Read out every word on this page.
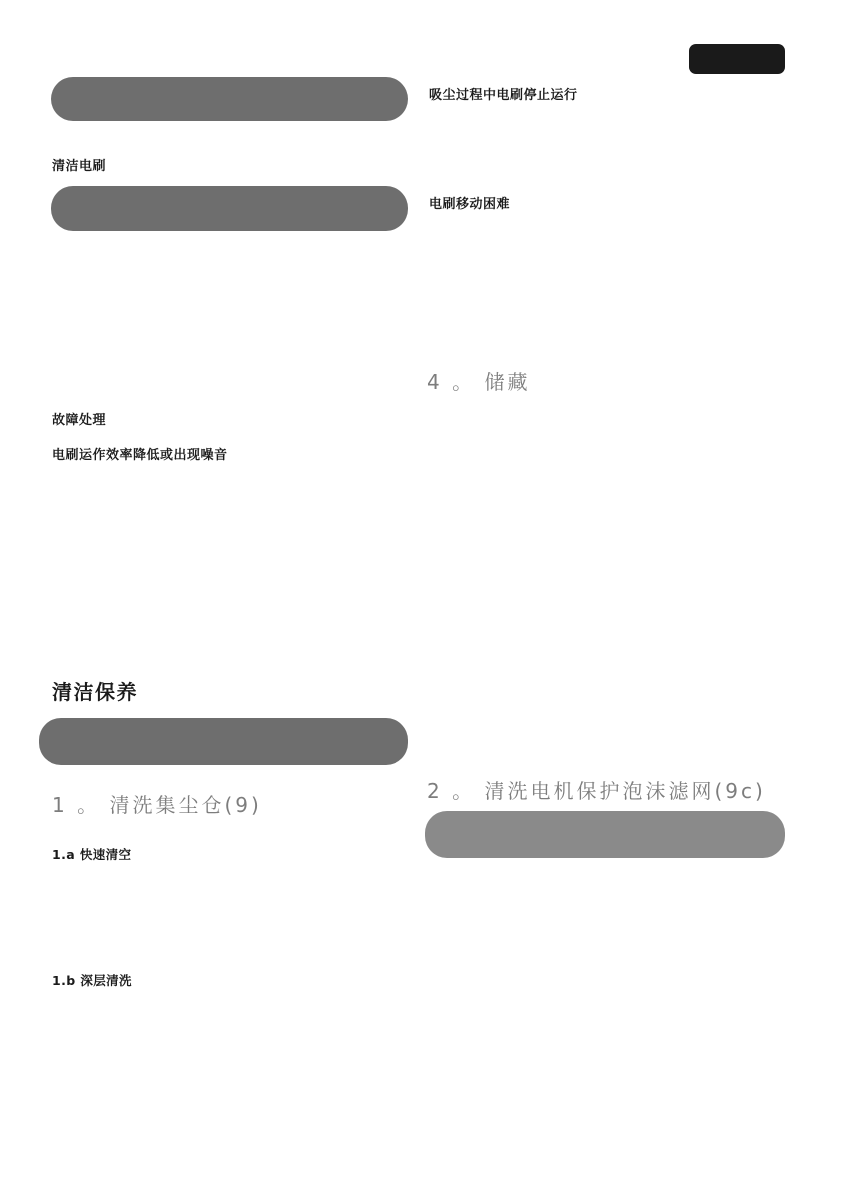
吸尘过程中电刷停止运行
清洁电刷
电刷移动困难
4 。 储藏
故障处理
电刷运作效率降低或出现噪音
清洁保养
1 。 清洗集尘仓(9)
1.a 快速清空
1.b 深层清洗
2 。 清洗电机保护泡沫滤网(9c)
